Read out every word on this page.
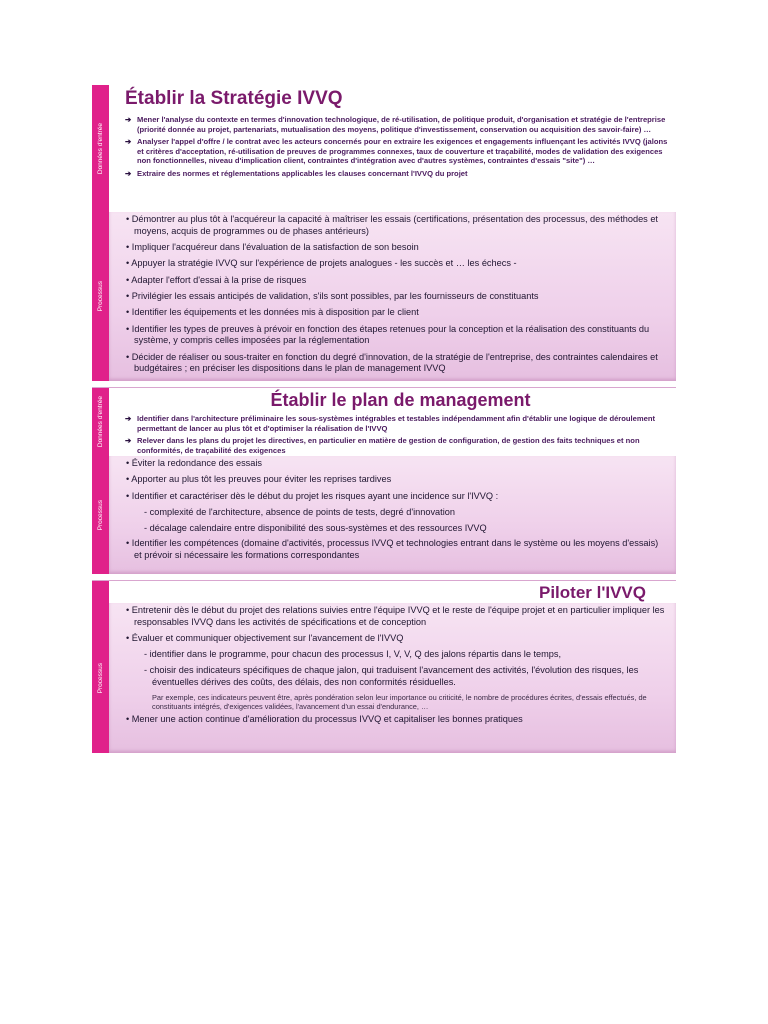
Données d'entrée
Établir la Stratégie IVVQ

➔ Mener l'analyse du contexte en termes d'innovation technologique, de ré-utilisation, de politique produit, d'organisation et stratégie de l'entreprise (priorité donnée au projet, partenariats, mutualisation des moyens, politique d'investissement, conservation ou acquisition des savoir-faire) …

➔ Analyser l'appel d'offre / le contrat avec les acteurs concernés pour en extraire les exigences et engagements influençant les activités IVVQ (jalons et critères d'acceptation, ré-utilisation de preuves de programmes connexes, taux de couverture et traçabilité, modes de validation des exigences non fonctionnelles, niveau d'implication client, contraintes d'intégration avec d'autres systèmes, contraintes d'essais "site") …

➔ Extraire des normes et réglementations applicables les clauses concernant l'IVVQ du projet

Processus

• Démontrer au plus tôt à l'acquéreur la capacité à maîtriser les essais (certifications, présentation des processus, des méthodes et moyens, acquis de programmes ou de phases antérieurs)

• Impliquer l'acquéreur dans l'évaluation de la satisfaction de son besoin

• Appuyer la stratégie IVVQ sur l'expérience de projets analogues - les succès et … les échecs -

• Adapter l'effort d'essai à la prise de risques

• Privilégier les essais anticipés de validation, s'ils sont possibles, par les fournisseurs de constituants

• Identifier les équipements et les données mis à disposition par le client

• Identifier les types de preuves à prévoir en fonction des étapes retenues pour la conception et la réalisation des constituants du système, y compris celles imposées par la réglementation

• Décider de réaliser ou sous-traiter en fonction du degré d'innovation, de la stratégie de l'entreprise, des contraintes calendaires et budgétaires ; en préciser les dispositions dans le plan de management IVVQ

Données d'entrée	Établir le plan de management

➔ Identifier dans l'architecture préliminaire les sous-systèmes intégrables et testables indépendamment afin d'établir une logique de déroulement permettant de lancer au plus tôt et d'optimiser la réalisation de l'IVVQ

➔ Relever dans les plans du projet les directives, en particulier en matière de gestion de configuration, de gestion des faits techniques et non conformités, de traçabilité des exigences

Processus

• Éviter la redondance des essais

• Apporter au plus tôt les preuves pour éviter les reprises tardives

• Identifier et caractériser dès le début du projet les risques ayant une incidence sur l'IVVQ :

- complexité de l'architecture, absence de points de tests, degré d'innovation

- décalage calendaire entre disponibilité des sous-systèmes et des ressources IVVQ

• Identifier les compétences (domaine d'activités, processus IVVQ et technologies entrant dans le système ou les moyens d'essais) et prévoir si nécessaire les formations correspondantes

Piloter l'IVVQ
Processus

• Entretenir dès le début du projet des relations suivies entre l'équipe IVVQ et le reste de l'équipe projet et en particulier impliquer les responsables IVVQ dans les activités de spécifications et de conception

• Évaluer et communiquer objectivement sur l'avancement de l'IVVQ

- identifier dans le programme, pour chacun des processus I, V, V, Q des jalons répartis dans le temps,

- choisir des indicateurs spécifiques de chaque jalon, qui traduisent l'avancement des activités, l'évolution des risques, les éventuelles dérives des coûts, des délais, des non conformités résiduelles.

Par exemple, ces indicateurs peuvent être, après pondération selon leur importance ou criticité, le nombre de procédures écrites, d'essais effectués, de constituants intégrés, d'exigences validées, l'avancement d'un essai d'endurance, …

• Mener une action continue d'amélioration du processus IVVQ et capitaliser les bonnes pratiques
